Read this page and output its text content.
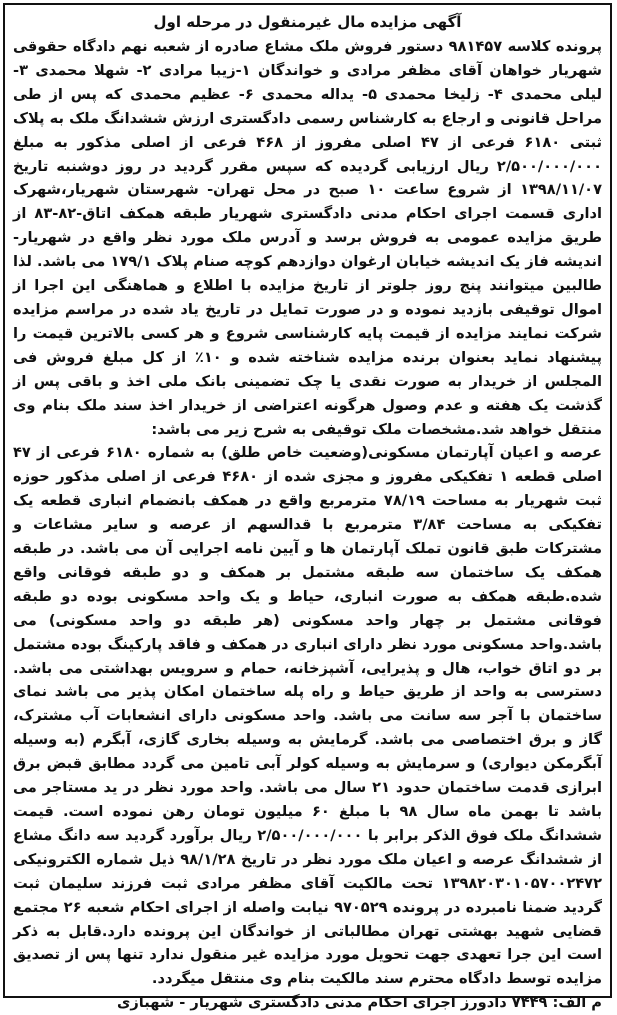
آگهی مزایده مال غیرمنقول در مرحله اول

پرونده کلاسه ۹۸۱۴۵۷ دستور فروش ملک مشاع صادره از شعبه نهم دادگاه حقوقی شهریار خواهان آقای مظفر مرادی و خواندگان ۱-زیبا مرادی ۲- شهلا محمدی ۳- لیلی محمدی ۴- زلیخا محمدی ۵- یداله محمدی ۶- عظیم محمدی که پس از طی مراحل قانونی و ارجاع به کارشناس رسمی دادگستری ارزش ششدانگ ملک به پلاک ثبتی ۶۱۸۰ فرعی از ۴۷ اصلی مفروز از ۴۶۸ فرعی از اصلی مذکور به مبلغ ۲/۵۰۰/۰۰۰/۰۰۰ ریال ارزیابی گردیده که سپس مقرر گردید در روز دوشنبه تاریخ ۱۳۹۸/۱۱/۰۷ از شروع ساعت ۱۰ صبح در محل تهران- شهرستان شهریار،شهرک اداری قسمت اجرای احکام مدنی دادگستری شهریار طبقه همکف اتاق-۸۲-۸۳ از طریق مزایده عمومی به فروش برسد و آدرس ملک مورد نظر واقع در شهریار- اندیشه فاز یک اندیشه خیابان ارغوان دوازدهم کوچه صنام پلاک ۱۷۹/۱ می باشد. لذا طالبین میتوانند پنج روز جلوتر از تاریخ مزایده با اطلاع و هماهنگی این اجرا از اموال توقیفی بازدید نموده و در صورت تمایل در تاریخ یاد شده در مراسم مزایده شرکت نمایند مزایده از قیمت پایه کارشناسی شروع و هر کسی بالاترین قیمت را پیشنهاد نماید بعنوان برنده مزایده شناخته شده و ۱۰٪ از کل مبلغ فروش فی المجلس از خریدار به صورت نقدی یا چک تضمینی بانک ملی اخذ و باقی پس از گذشت یک هفته و عدم وصول هرگونه اعتراضی از خریدار اخذ سند ملک بنام وی منتقل خواهد شد.مشخصات ملک توقیفی به شرح زیر می باشد:

عرصه و اعیان آپارتمان مسکونی(وضعیت خاص طلق) به شماره ۶۱۸۰ فرعی از ۴۷ اصلی قطعه ۱ تفکیکی مفروز و مجزی شده از ۴۶۸۰ فرعی از اصلی مذکور حوزه ثبت شهریار به مساحت ۷۸/۱۹ مترمربع واقع در همکف بانضمام انباری قطعه یک تفکیکی به مساحت ۳/۸۴ مترمربع با قدالسهم از عرصه و سایر مشاعات و مشترکات طبق قانون تملک آپارتمان ها و آیین نامه اجرایی آن می باشد. در طبقه همکف یک ساختمان سه طبقه مشتمل بر همکف و دو طبقه فوقانی واقع شده.طبقه همکف به صورت انباری، حیاط و یک واحد مسکونی بوده دو طبقه فوقانی مشتمل بر چهار واحد مسکونی (هر طبقه دو واحد مسکونی) می باشد.واحد مسکونی مورد نظر دارای انباری در همکف و فاقد پارکینگ بوده مشتمل بر دو اتاق خواب، هال و پذیرایی، آشپزخانه، حمام و سرویس بهداشتی می باشد. دسترسی به واحد از طریق حیاط و راه پله ساختمان امکان پذیر می باشد نمای ساختمان با آجر سه سانت می باشد. واحد مسکونی دارای انشعابات آب مشترک، گاز و برق اختصاصی می باشد. گرمایش به وسیله بخاری گازی، آبگرم (به وسیله آبگرمکن دیواری) و سرمایش به وسیله کولر آبی تامین می گردد مطابق قبض برق ابرازی قدمت ساختمان حدود ۲۱ سال می باشد. واحد مورد نظر در ید مستاجر می باشد تا بهمن ماه سال ۹۸ با مبلغ ۶۰ میلیون تومان رهن نموده است. قیمت ششدانگ ملک فوق الذکر برابر با ۲/۵۰۰/۰۰۰/۰۰۰ ریال برآورد گردید سه دانگ مشاع از ششدانگ عرصه و اعیان ملک مورد نظر در تاریخ ۹۸/۱/۲۸ ذیل شماره الکترونیکی ۱۳۹۸۲۰۳۰۱۰۵۷۰۰۲۴۷۲ تحت مالکیت آقای مظفر مرادی ثبت فرزند سلیمان ثبت گردید ضمنا نامبرده در پرونده ۹۷۰۵۲۹ نیابت واصله از اجرای احکام شعبه ۲۶ مجتمع قضایی شهید بهشتی تهران مطالباتی از خواندگان این پرونده دارد.قابل به ذکر است این جرا تعهدی جهت تحویل مورد مزایده غیر منقول ندارد تنها پس از تصدیق مزایده توسط دادگاه محترم سند مالکیت بنام وی منتقل میگردد.

م الف: ۷۴۴۹ دادورز اجرای احکام مدنی دادگستری شهریار - شهبازی
